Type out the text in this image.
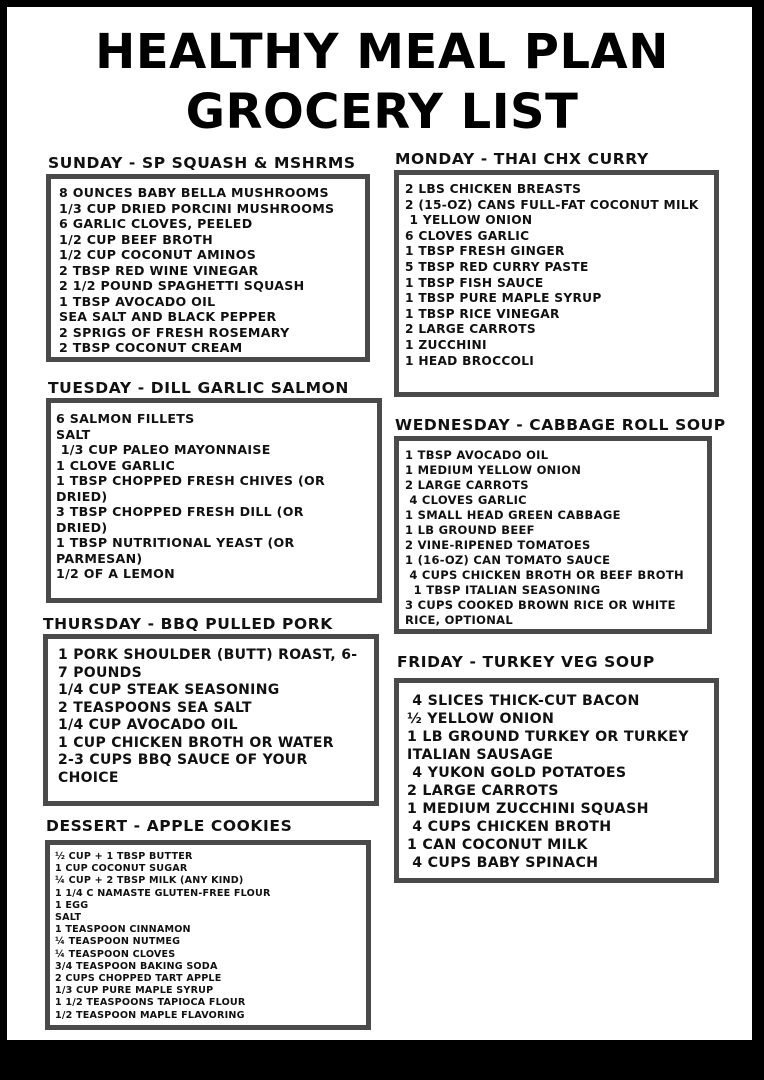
HEALTHY MEAL PLAN
GROCERY LIST
SUNDAY - SP SQUASH & MSHRMS
8 OUNCES BABY BELLA MUSHROOMS
1/3 CUP DRIED PORCINI MUSHROOMS
6 GARLIC CLOVES, PEELED
1/2 CUP BEEF BROTH
1/2 CUP COCONUT AMINOS
2 TBSP RED WINE VINEGAR
2 1/2 POUND SPAGHETTI SQUASH
1 TBSP AVOCADO OIL
SEA SALT AND BLACK PEPPER
2 SPRIGS OF FRESH ROSEMARY
2 TBSP COCONUT CREAM
MONDAY - THAI CHX CURRY
2 LBS CHICKEN BREASTS
2 (15-OZ) CANS FULL-FAT COCONUT MILK
1 YELLOW ONION
6 CLOVES GARLIC
1 TBSP FRESH GINGER
5 TBSP RED CURRY PASTE
1 TBSP FISH SAUCE
1 TBSP PURE MAPLE SYRUP
1 TBSP RICE VINEGAR
2 LARGE CARROTS
1 ZUCCHINI
1 HEAD BROCCOLI
TUESDAY - DILL GARLIC SALMON
6 SALMON FILLETS
SALT
1/3 CUP PALEO MAYONNAISE
1 CLOVE GARLIC
1 TBSP CHOPPED FRESH CHIVES (OR DRIED)
3 TBSP CHOPPED FRESH DILL (OR DRIED)
1 TBSP NUTRITIONAL YEAST (OR PARMESAN)
1/2 OF A LEMON
WEDNESDAY - CABBAGE ROLL SOUP
1 TBSP AVOCADO OIL
1 MEDIUM YELLOW ONION
2 LARGE CARROTS
4 CLOVES GARLIC
1 SMALL HEAD GREEN CABBAGE
1 LB GROUND BEEF
2 VINE-RIPENED TOMATOES
1 (16-OZ) CAN TOMATO SAUCE
4 CUPS CHICKEN BROTH OR BEEF BROTH
1 TBSP ITALIAN SEASONING
3 CUPS COOKED BROWN RICE OR WHITE RICE, OPTIONAL
THURSDAY - BBQ PULLED PORK
1 PORK SHOULDER (BUTT) ROAST, 6-7 POUNDS
1/4 CUP STEAK SEASONING
2 TEASPOONS SEA SALT
1/4 CUP AVOCADO OIL
1 CUP CHICKEN BROTH OR WATER
2-3 CUPS BBQ SAUCE OF YOUR CHOICE
FRIDAY - TURKEY VEG SOUP
4 SLICES THICK-CUT BACON
½ YELLOW ONION
1 LB GROUND TURKEY OR TURKEY ITALIAN SAUSAGE
4 YUKON GOLD POTATOES
2 LARGE CARROTS
1 MEDIUM ZUCCHINI SQUASH
4 CUPS CHICKEN BROTH
1 CAN COCONUT MILK
4 CUPS BABY SPINACH
DESSERT - APPLE COOKIES
½ CUP + 1 TBSP BUTTER
1 CUP COCONUT SUGAR
¼ CUP + 2 TBSP MILK (ANY KIND)
1 1/4 C NAMASTE GLUTEN-FREE FLOUR
1 EGG
SALT
1 TEASPOON CINNAMON
¼ TEASPOON NUTMEG
¼ TEASPOON CLOVES
3/4 TEASPOON BAKING SODA
2 CUPS CHOPPED TART APPLE
1/3 CUP PURE MAPLE SYRUP
1 1/2 TEASPOONS TAPIOCA FLOUR
1/2 TEASPOON MAPLE FLAVORING
